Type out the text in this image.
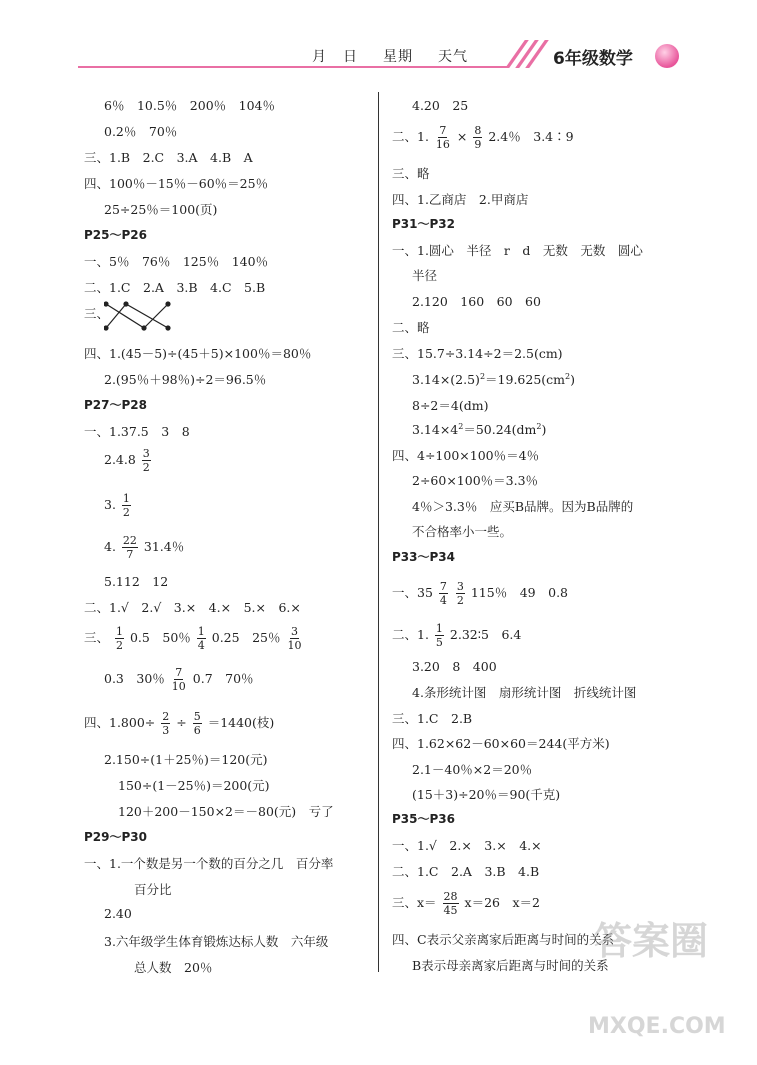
月 日 星期 天气	6年级数学
6％　10.5％　200％　104％
0.2％　70％
三、1.B　2.C　3.A　4.B　A
四、100％－15％－60％＝25％
25÷25％＝100(页)
P25～P26
一、5％　76％　125％　140％
二、1.C　2.A　3.B　4.C　5.B
三、
四、1.(45－5)÷(45＋5)×100％＝80％
2.(95％＋98％)÷2＝96.5％
P27～P28
一、1.37.5　3　8
$2.4.8 \frac{3}{2}$
3. $\frac{1}{2}$
4. $\frac{22}{7} 31.4$％
5.112　12
二、1.√　2.√　3.×　4.×　5.×　6.×
三、 $\frac{1}{2} 0.5$　50％ $\frac{1}{4} 0.25$　25％ $\frac{3}{10}$
0.3　30％ $\frac{7}{10} 0.7$　70％
四、$1.800\div \frac{2}{3} \div \frac{5}{6} =1440$(枝)
2.150÷(1＋25％)＝120(元)
150÷(1－25％)＝200(元)
120＋200－150×2＝－80(元)　亏了
P29～P30
一、1.一个数是另一个数的百分之几　百分率
百分比
2.40
3.六年级学生体育锻炼达标人数　六年级
总人数　20％
4.20　25
二、1. $\frac{7}{16} \times \frac{8}{9} 2.4$％　3.4∶9
三、略
四、1.乙商店　2.甲商店
P31～P32
一、1.圆心　半径　r　d　无数　无数　圆心
半径
2.120　160　60　60
二、略
三、15.7÷3.14÷2＝2.5(cm)
$3.14\times(2.5)^2=19.625(cm^2)$
8÷2＝4(dm)
$3.14\times 4^2=50.24(dm^2)$
四、4÷100×100％＝4％
2÷60×100％＝3.3％
4％＞3.3％　应买B品牌。因为B品牌的
不合格率小一些。
P33～P34
一、$35 \frac{7}{4}$
$\frac{3}{2} 115$％　49　0.8
二、1. $\frac{1}{5}$ 2.32∶5　6.4
3.20　8　400
4.条形统计图　扇形统计图　折线统计图
三、1.C　2.B
四、1.62×62－60×60＝244(平方米)
2.1－40％×2＝20％
(15＋3)÷20％＝90(千克)
P35～P36
一、1.√　2.×　3.×　4.×
二、1.C　2.A　3.B　4.B
三、$x= \frac{28}{45} x=26$　x＝2
四、C表示父亲离家后距离与时间的关系
B表示母亲离家后距离与时间的关系
答案圈
MXQE.COM
